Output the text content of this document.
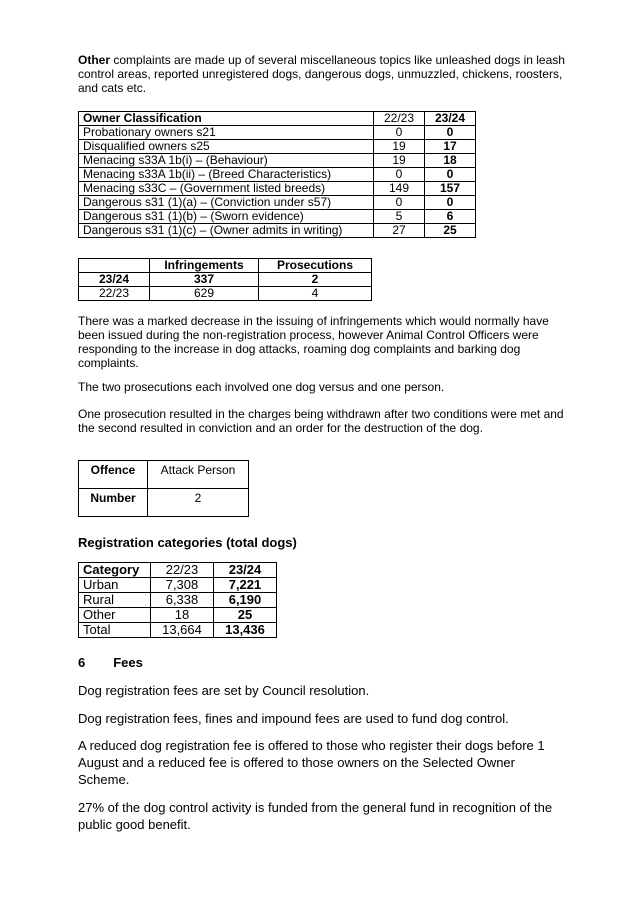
Other complaints are made up of several miscellaneous topics like unleashed dogs in leash control areas, reported unregistered dogs, dangerous dogs, unmuzzled, chickens, roosters, and cats etc.

Owner Classification	22/23	23/24
Probationary owners s21	0	0
Disqualified owners s25	19	17
Menacing s33A 1b(i) – (Behaviour)	19	18
Menacing s33A 1b(ii) – (Breed Characteristics)	0	0
Menacing s33C – (Government listed breeds)	149	157
Dangerous s31 (1)(a) – (Conviction under s57)	0	0
Dangerous s31 (1)(b) – (Sworn evidence)	5	6
Dangerous s31 (1)(c) – (Owner admits in writing)	27	25
	Infringements	Prosecutions
23/24	337	2
22/23	629	4

There was a marked decrease in the issuing of infringements which would normally have been issued during the non-registration process, however Animal Control Officers were responding to the increase in dog attacks, roaming dog complaints and barking dog complaints.

The two prosecutions each involved one dog versus and one person.

One prosecution resulted in the charges being withdrawn after two conditions were met and the second resulted in conviction and an order for the destruction of the dog.

Offence	Attack Person
Number	2
Registration categories (total dogs)
Category	22/23	23/24
Urban	7,308	7,221
Rural	6,338	6,190
Other	18	25
Total	13,664	13,436
6 Fees

Dog registration fees are set by Council resolution.

Dog registration fees, fines and impound fees are used to fund dog control.

A reduced dog registration fee is offered to those who register their dogs before 1 August and a reduced fee is offered to those owners on the Selected Owner Scheme.

27% of the dog control activity is funded from the general fund in recognition of the public good benefit.
